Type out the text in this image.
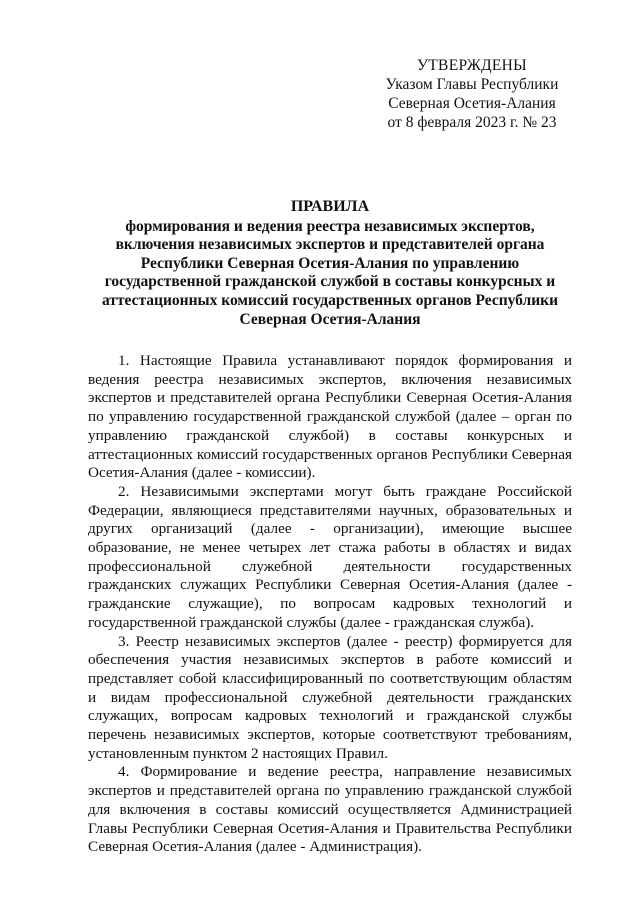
УТВЕРЖДЕНЫ
Указом Главы Республики
Северная Осетия-Алания
от 8 февраля 2023 г. № 23
ПРАВИЛА
формирования и ведения реестра независимых экспертов,
включения независимых экспертов и представителей органа
Республики Северная Осетия-Алания по управлению
государственной гражданской службой в составы конкурсных и
аттестационных комиссий государственных органов Республики
Северная Осетия-Алания

1. Настоящие Правила устанавливают порядок формирования и ведения реестра независимых экспертов, включения независимых экспертов и представителей органа Республики Северная Осетия-Алания по управлению государственной гражданской службой (далее – орган по управлению гражданской службой) в составы конкурсных и аттестационных комиссий государственных органов Республики Северная Осетия-Алания (далее - комиссии).

2. Независимыми экспертами могут быть граждане Российской Федерации, являющиеся представителями научных, образовательных и других организаций (далее - организации), имеющие высшее образование, не менее четырех лет стажа работы в областях и видах профессиональной служебной деятельности государственных гражданских служащих Республики Северная Осетия-Алания (далее - гражданские служащие), по вопросам кадровых технологий и государственной гражданской службы (далее - гражданская служба).

3. Реестр независимых экспертов (далее - реестр) формируется для обеспечения участия независимых экспертов в работе комиссий и представляет собой классифицированный по соответствующим областям и видам профессиональной служебной деятельности гражданских служащих, вопросам кадровых технологий и гражданской службы перечень независимых экспертов, которые соответствуют требованиям, установленным пунктом 2 настоящих Правил.

4. Формирование и ведение реестра, направление независимых экспертов и представителей органа по управлению гражданской службой для включения в составы комиссий осуществляется Администрацией Главы Республики Северная Осетия-Алания и Правительства Республики Северная Осетия-Алания (далее - Администрация).
